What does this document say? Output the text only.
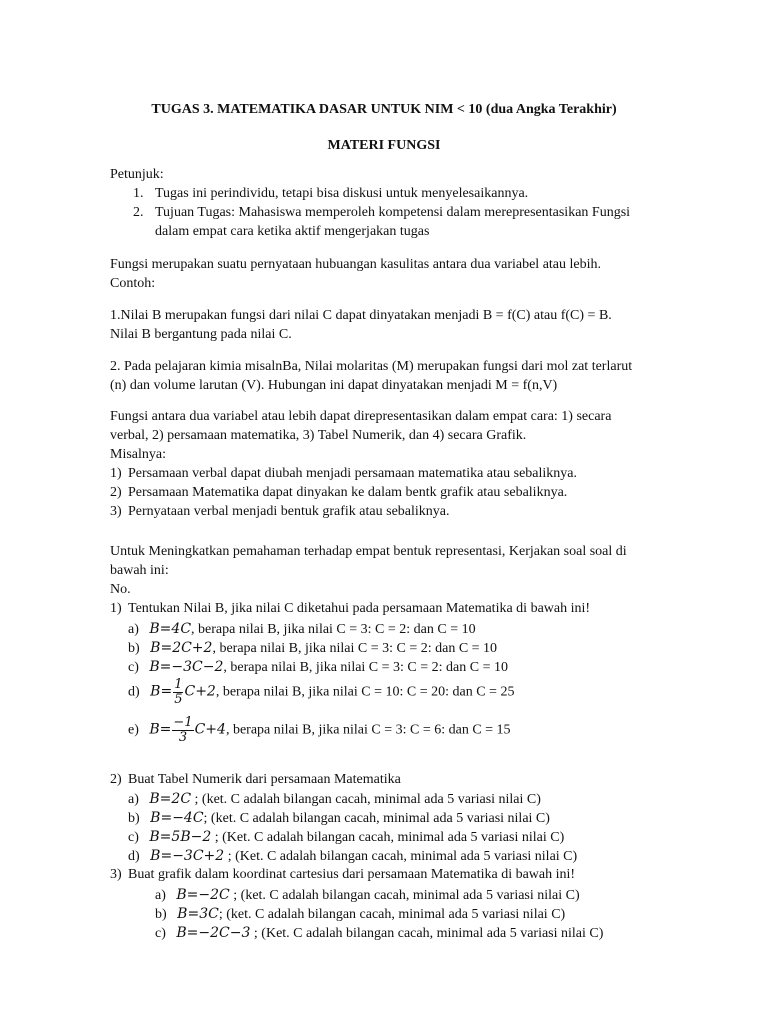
TUGAS 3. MATEMATIKA DASAR UNTUK NIM < 10 (dua Angka Terakhir)
MATERI FUNGSI
Petunjuk:
1. Tugas ini perindividu, tetapi bisa diskusi untuk menyelesaikannya.
2. Tujuan Tugas: Mahasiswa memperoleh kompetensi dalam merepresentasikan Fungsi
dalam empat cara ketika aktif mengerjakan tugas
Fungsi merupakan suatu pernyataan hubuangan kasulitas antara dua variabel atau lebih.
Contoh:
1.Nilai B merupakan fungsi dari nilai C dapat dinyatakan menjadi B = f(C) atau f(C) = B.
Nilai B bergantung pada nilai C.
2. Pada pelajaran kimia misalnBa, Nilai molaritas (M) merupakan fungsi dari mol zat terlarut
(n) dan volume larutan (V). Hubungan ini dapat dinyatakan menjadi M = f(n,V)
Fungsi antara dua variabel atau lebih dapat direpresentasikan dalam empat cara: 1) secara
verbal, 2) persamaan matematika, 3) Tabel Numerik, dan 4) secara Grafik.
Misalnya:
1) Persamaan verbal dapat diubah menjadi persamaan matematika atau sebaliknya.
2) Persamaan Matematika dapat dinyakan ke dalam bentk grafik atau sebaliknya.
3) Pernyataan verbal menjadi bentuk grafik atau sebaliknya.
Untuk Meningkatkan pemahaman terhadap empat bentuk representasi, Kerjakan soal soal di
bawah ini:
No.
1) Tentukan Nilai B, jika nilai C diketahui pada persamaan Matematika di bawah ini!
a) B=4C, berapa nilai B, jika nilai C = 3: C = 2: dan C = 10
b) B=2C+2, berapa nilai B, jika nilai C = 3: C = 2: dan C = 10
c) B=−3C−2, berapa nilai B, jika nilai C = 3: C = 2: dan C = 10
d) $B= \frac{1}{5} C+2$, berapa nilai B, jika nilai C = 10: C = 20: dan C = 25
e) $B= \frac{-1}{3} C+4$, berapa nilai B, jika nilai C = 3: C = 6: dan C = 15
2) Buat Tabel Numerik dari persamaan Matematika
a) B=2C ; (ket. C adalah bilangan cacah, minimal ada 5 variasi nilai C)
b) B=−4C; (ket. C adalah bilangan cacah, minimal ada 5 variasi nilai C)
c) B=5B−2 ; (Ket. C adalah bilangan cacah, minimal ada 5 variasi nilai C)
d) B=−3C+2 ; (Ket. C adalah bilangan cacah, minimal ada 5 variasi nilai C)
3) Buat grafik dalam koordinat cartesius dari persamaan Matematika di bawah ini!
a) B=−2C ; (ket. C adalah bilangan cacah, minimal ada 5 variasi nilai C)
b) B=3C; (ket. C adalah bilangan cacah, minimal ada 5 variasi nilai C)
c) B=−2C−3 ; (Ket. C adalah bilangan cacah, minimal ada 5 variasi nilai C)
